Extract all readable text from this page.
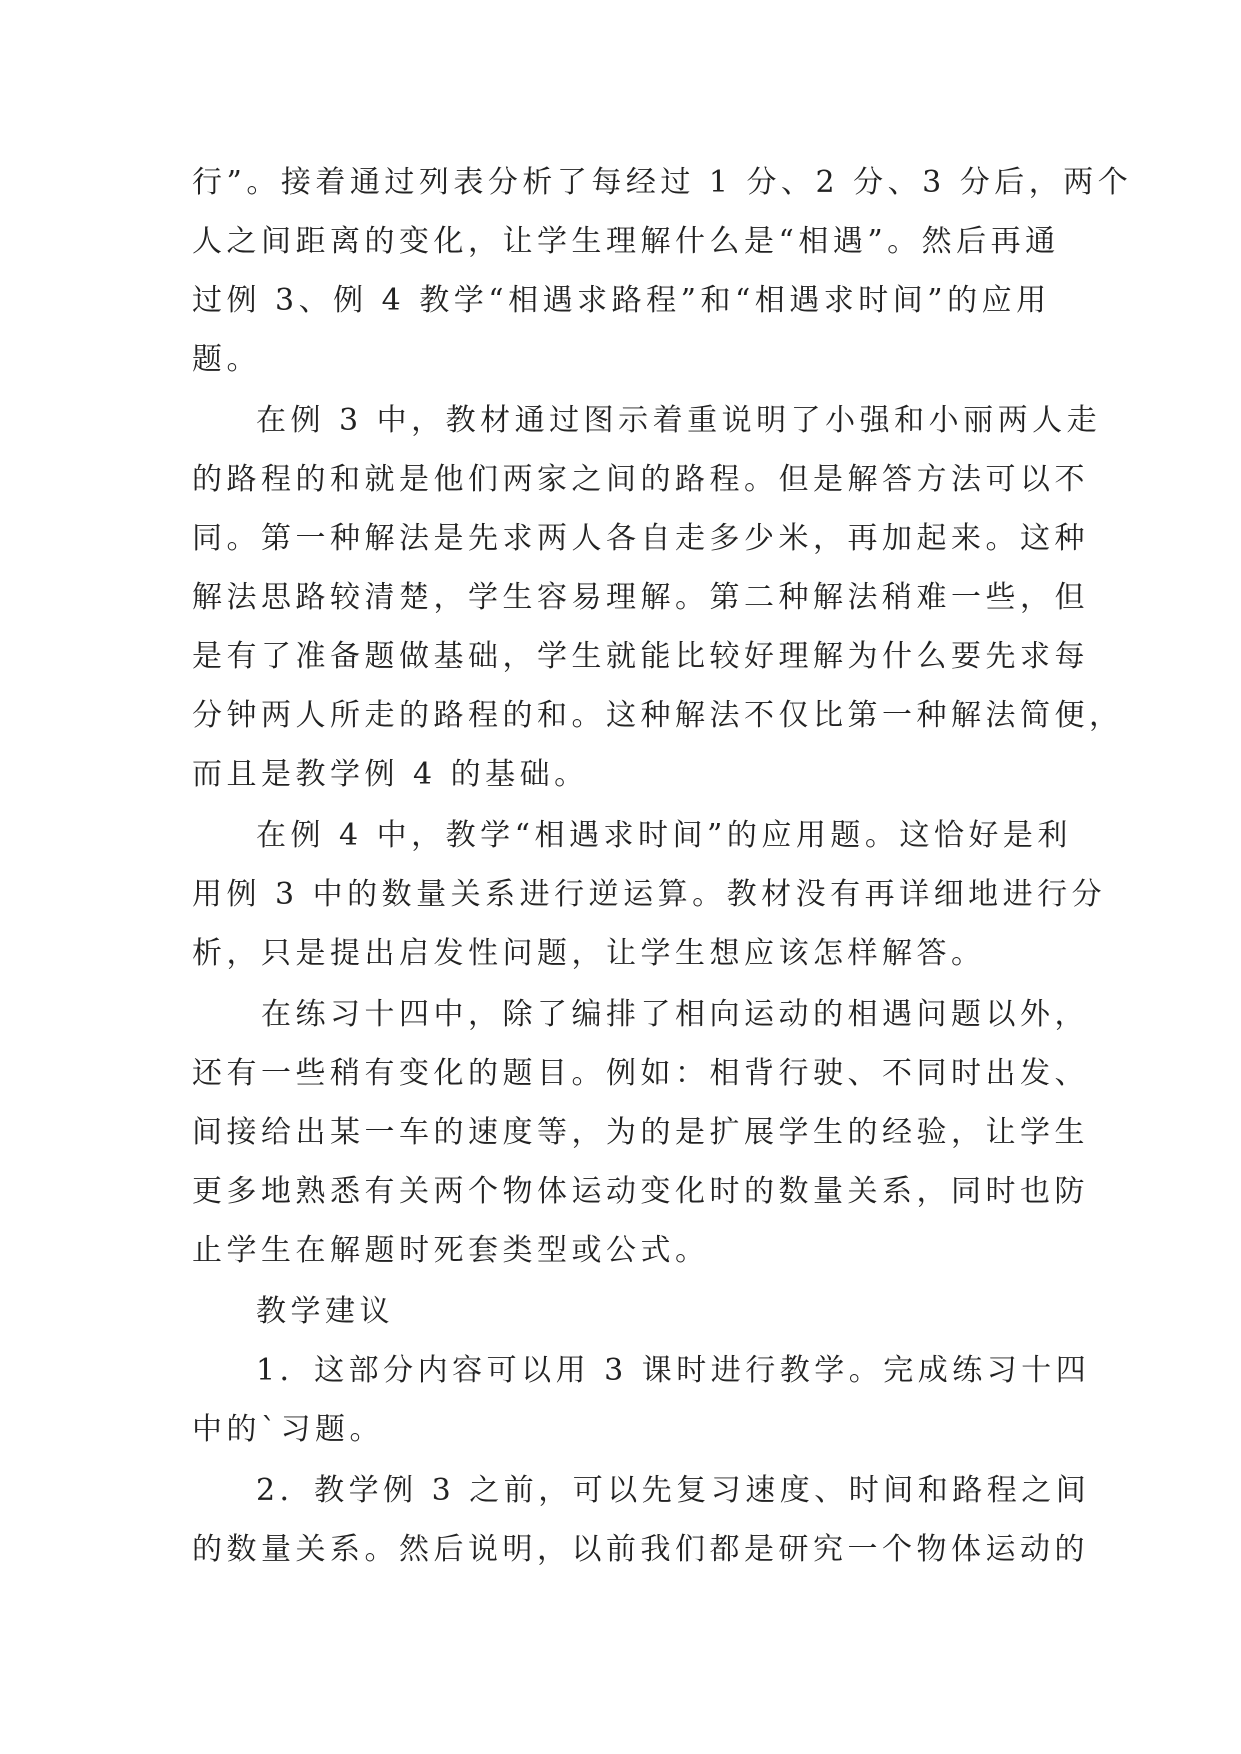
行”。接着通过列表分析了每经过 1 分、2 分、3 分后，两个
人之间距离的变化，让学生理解什么是“相遇”。然后再通
过例 3、例 4 教学“相遇求路程”和“相遇求时间”的应用
题。
在例 3 中，教材通过图示着重说明了小强和小丽两人走
的路程的和就是他们两家之间的路程。但是解答方法可以不
同。第一种解法是先求两人各自走多少米，再加起来。这种
解法思路较清楚，学生容易理解。第二种解法稍难一些，但
是有了准备题做基础，学生就能比较好理解为什么要先求每
分钟两人所走的路程的和。这种解法不仅比第一种解法简便，
而且是教学例 4 的基础。
在例 4 中，教学“相遇求时间”的应用题。这恰好是利
用例 3 中的数量关系进行逆运算。教材没有再详细地进行分
析，只是提出启发性问题，让学生想应该怎样解答。
在练习十四中，除了编排了相向运动的相遇问题以外，
还有一些稍有变化的题目。例如：相背行驶、不同时出发、
间接给出某一车的速度等，为的是扩展学生的经验，让学生
更多地熟悉有关两个物体运动变化时的数量关系，同时也防
止学生在解题时死套类型或公式。
教学建议
1．这部分内容可以用 3 课时进行教学。完成练习十四
中的`习题。
2．教学例 3 之前，可以先复习速度、时间和路程之间
的数量关系。然后说明，以前我们都是研究一个物体运动的
